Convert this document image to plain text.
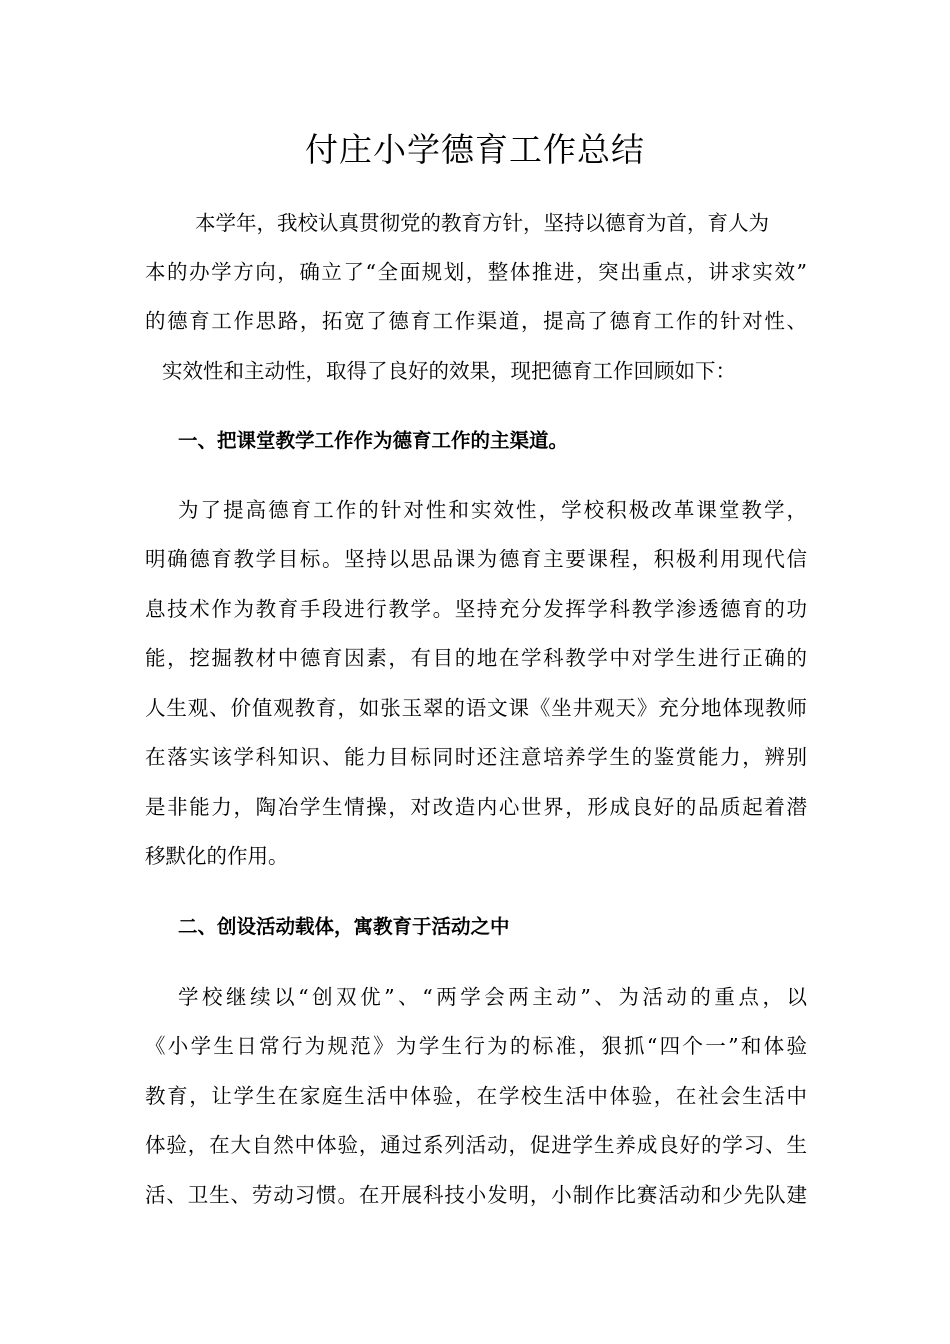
付庄小学德育工作总结
本学年，我校认真贯彻党的教育方针，坚持以德育为首，育人为
本的办学方向，确立了“全面规划，整体推进，突出重点，讲求实效”
的德育工作思路，拓宽了德育工作渠道，提高了德育工作的针对性、
实效性和主动性，取得了良好的效果，现把德育工作回顾如下：
一、把课堂教学工作作为德育工作的主渠道。
为了提高德育工作的针对性和实效性，学校积极改革课堂教学，
明确德育教学目标。坚持以思品课为德育主要课程，积极利用现代信
息技术作为教育手段进行教学。坚持充分发挥学科教学渗透德育的功
能，挖掘教材中德育因素，有目的地在学科教学中对学生进行正确的
人生观、价值观教育，如张玉翠的语文课《坐井观天》充分地体现教师
在落实该学科知识、能力目标同时还注意培养学生的鉴赏能力，辨别
是非能力，陶冶学生情操，对改造内心世界，形成良好的品质起着潜
移默化的作用。
二、创设活动载体，寓教育于活动之中
学校继续以“创双优”、“两学会两主动”、为活动的重点，以
《小学生日常行为规范》为学生行为的标准，狠抓“四个一”和体验
教育，让学生在家庭生活中体验，在学校生活中体验，在社会生活中
体验，在大自然中体验，通过系列活动，促进学生养成良好的学习、生
活、卫生、劳动习惯。在开展科技小发明，小制作比赛活动和少先队建
